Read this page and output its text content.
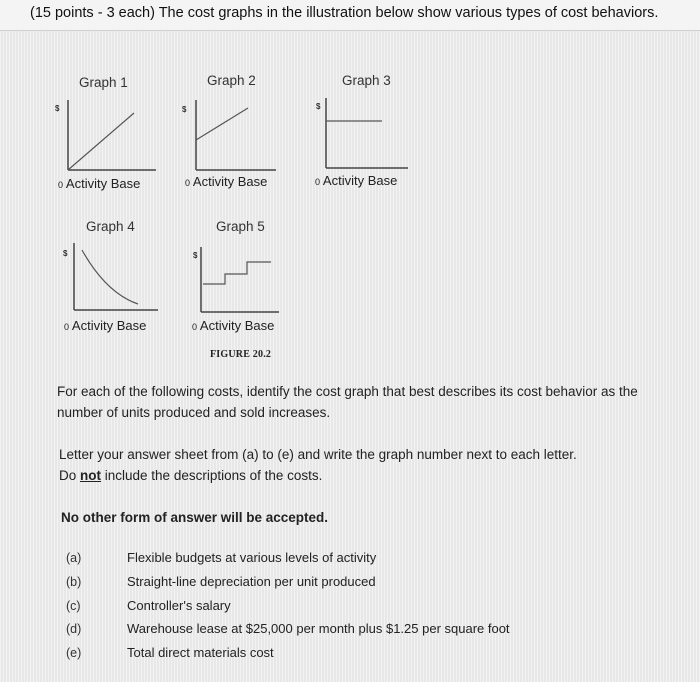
(15 points - 3 each) The cost graphs in the illustration below show various types of cost behaviors.
Graph 1
$
0 Activity Base
Graph 2
$
0 Activity Base
Graph 3
$
0 Activity Base
Graph 4
$
0 Activity Base
Graph 5
$
0 Activity Base
FIGURE 20.2
For each of the following costs, identify the cost graph that best describes its cost behavior as the
number of units produced and sold increases.
Letter your answer sheet from (a) to (e) and write the graph number next to each letter.
Do not include the descriptions of the costs.
No other form of answer will be accepted.
(a)	Flexible budgets at various levels of activity
(b)	Straight-line depreciation per unit produced
(c)	Controller's salary
(d)	Warehouse lease at $25,000 per month plus $1.25 per square foot
(e)	Total direct materials cost
